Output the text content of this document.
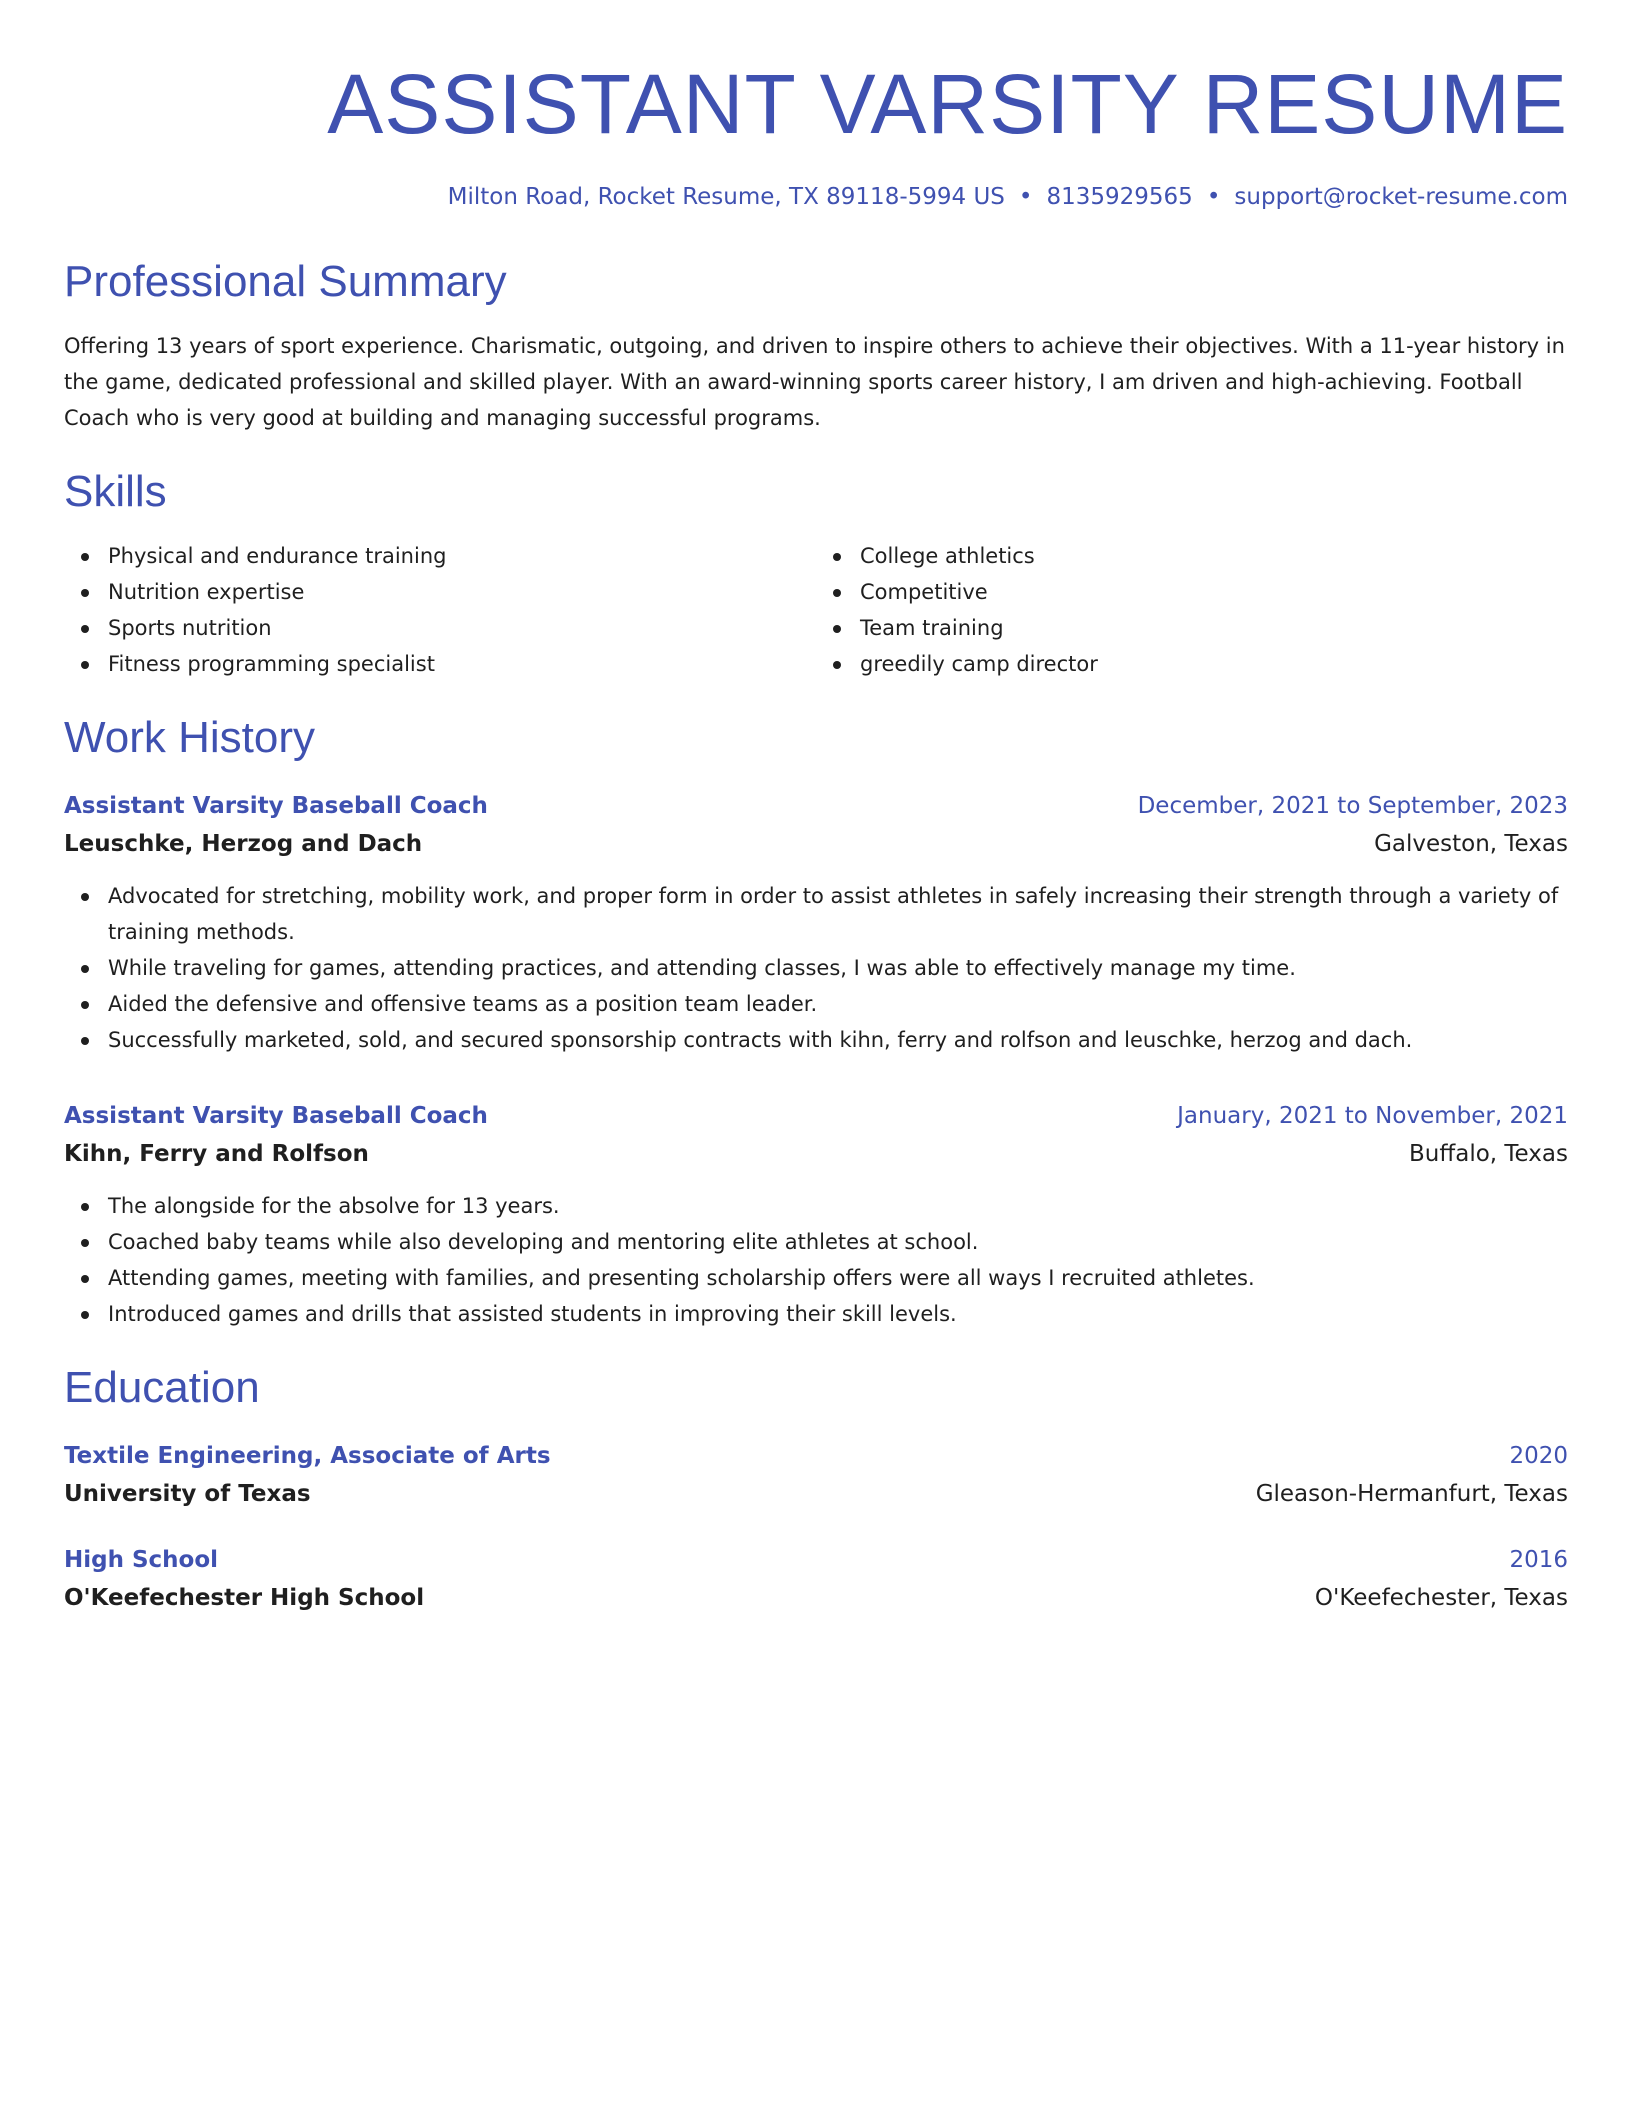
ASSISTANT VARSITY RESUME
Milton Road, Rocket Resume, TX 89118-5994 US • 8135929565 • support@rocket-resume.com
Professional Summary

Offering 13 years of sport experience. Charismatic, outgoing, and driven to inspire others to achieve their objectives. With a 11-year history in the game, dedicated professional and skilled player. With an award-winning sports career history, I am driven and high-achieving. Football Coach who is very good at building and managing successful programs.

Skills
Physical and endurance training
Nutrition expertise
Sports nutrition
Fitness programming specialist
College athletics
Competitive
Team training
greedily camp director
Work History
Assistant Varsity Baseball Coach	December, 2021 to September, 2023
Leuschke, Herzog and Dach	Galveston, Texas
Advocated for stretching, mobility work, and proper form in order to assist athletes in safely increasing their strength through a variety of training methods.
While traveling for games, attending practices, and attending classes, I was able to effectively manage my time.
Aided the defensive and offensive teams as a position team leader.
Successfully marketed, sold, and secured sponsorship contracts with kihn, ferry and rolfson and leuschke, herzog and dach.
Assistant Varsity Baseball Coach	January, 2021 to November, 2021
Kihn, Ferry and Rolfson	Buffalo, Texas
The alongside for the absolve for 13 years.
Coached baby teams while also developing and mentoring elite athletes at school.
Attending games, meeting with families, and presenting scholarship offers were all ways I recruited athletes.
Introduced games and drills that assisted students in improving their skill levels.
Education
Textile Engineering, Associate of Arts	2020
University of Texas	Gleason-Hermanfurt, Texas
High School	2016
O'Keefechester High School	O'Keefechester, Texas
